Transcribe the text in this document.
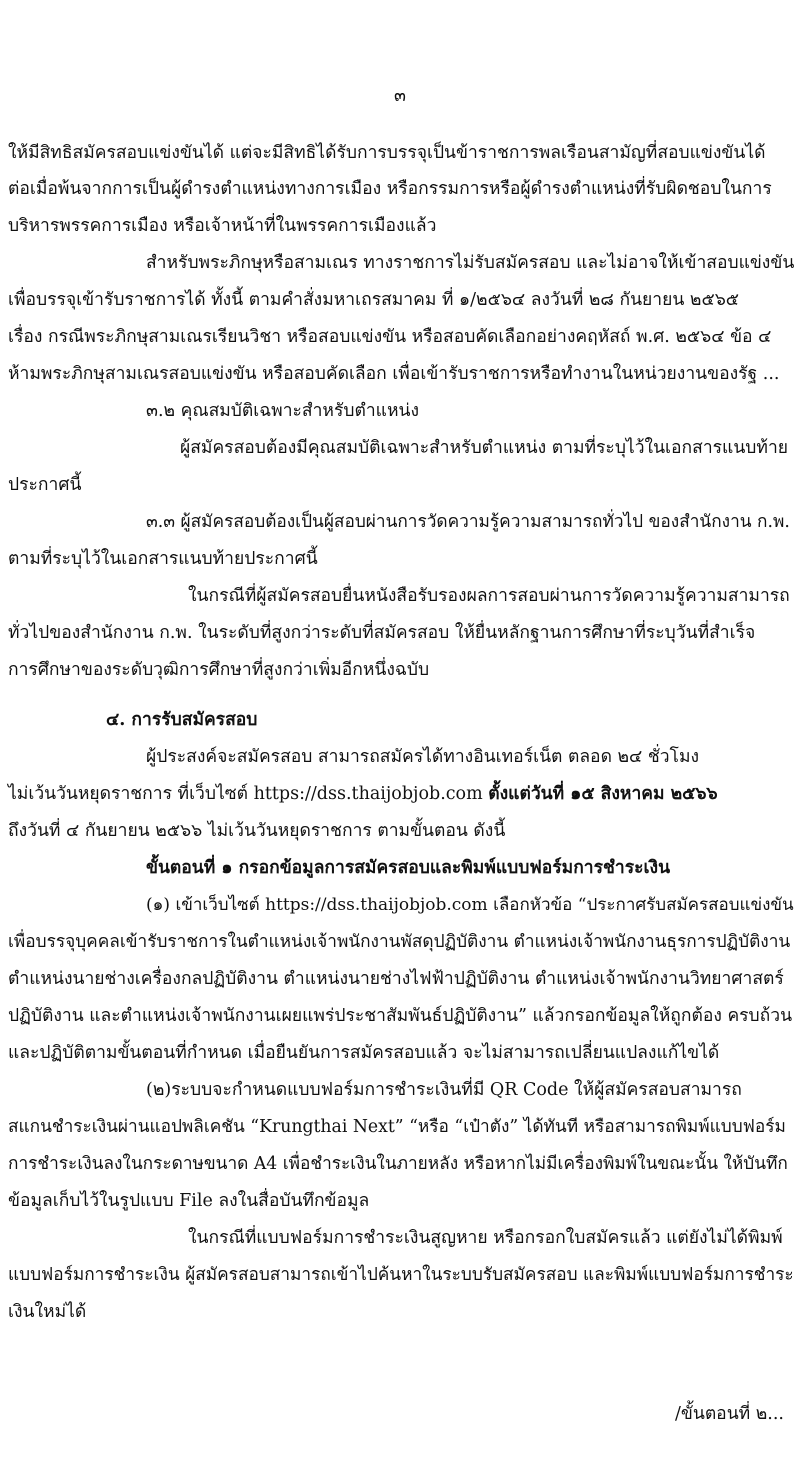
๓
ให้มีสิทธิสมัครสอบแข่งขันได้ แต่จะมีสิทธิได้รับการบรรจุเป็นข้าราชการพลเรือนสามัญที่สอบแข่งขันได้
ต่อเมื่อพ้นจากการเป็นผู้ดำรงตำแหน่งทางการเมือง หรือกรรมการหรือผู้ดำรงตำแหน่งที่รับผิดชอบในการ
บริหารพรรคการเมือง หรือเจ้าหน้าที่ในพรรคการเมืองแล้ว
สำหรับพระภิกษุหรือสามเณร ทางราชการไม่รับสมัครสอบ และไม่อาจให้เข้าสอบแข่งขัน
เพื่อบรรจุเข้ารับราชการได้ ทั้งนี้ ตามคำสั่งมหาเถรสมาคม ที่ ๑/๒๕๖๔ ลงวันที่ ๒๘ กันยายน ๒๕๖๕
เรื่อง กรณีพระภิกษุสามเณรเรียนวิชา หรือสอบแข่งขัน หรือสอบคัดเลือกอย่างคฤหัสถ์ พ.ศ. ๒๕๖๔ ข้อ ๔
ห้ามพระภิกษุสามเณรสอบแข่งขัน หรือสอบคัดเลือก เพื่อเข้ารับราชการหรือทำงานในหน่วยงานของรัฐ ...
๓.๒ คุณสมบัติเฉพาะสำหรับตำแหน่ง
ผู้สมัครสอบต้องมีคุณสมบัติเฉพาะสำหรับตำแหน่ง ตามที่ระบุไว้ในเอกสารแนบท้าย
ประกาศนี้
๓.๓ ผู้สมัครสอบต้องเป็นผู้สอบผ่านการวัดความรู้ความสามารถทั่วไป ของสำนักงาน ก.พ.
ตามที่ระบุไว้ในเอกสารแนบท้ายประกาศนี้
ในกรณีที่ผู้สมัครสอบยื่นหนังสือรับรองผลการสอบผ่านการวัดความรู้ความสามารถ
ทั่วไปของสำนักงาน ก.พ. ในระดับที่สูงกว่าระดับที่สมัครสอบ ให้ยื่นหลักฐานการศึกษาที่ระบุวันที่สำเร็จ
การศึกษาของระดับวุฒิการศึกษาที่สูงกว่าเพิ่มอีกหนึ่งฉบับ
๔. การรับสมัครสอบ
ผู้ประสงค์จะสมัครสอบ สามารถสมัครได้ทางอินเทอร์เน็ต ตลอด ๒๔ ชั่วโมง
ไม่เว้นวันหยุดราชการ ที่เว็บไซต์ https://dss.thaijobjob.com ตั้งแต่วันที่ ๑๕ สิงหาคม ๒๕๖๖
ถึงวันที่ ๔ กันยายน ๒๕๖๖ ไม่เว้นวันหยุดราชการ ตามขั้นตอน ดังนี้
ขั้นตอนที่ ๑ กรอกข้อมูลการสมัครสอบและพิมพ์แบบฟอร์มการชำระเงิน
(๑) เข้าเว็บไซต์ https://dss.thaijobjob.com เลือกหัวข้อ “ประกาศรับสมัครสอบแข่งขัน
เพื่อบรรจุบุคคลเข้ารับราชการในตำแหน่งเจ้าพนักงานพัสดุปฏิบัติงาน ตำแหน่งเจ้าพนักงานธุรการปฏิบัติงาน
ตำแหน่งนายช่างเครื่องกลปฏิบัติงาน ตำแหน่งนายช่างไฟฟ้าปฏิบัติงาน ตำแหน่งเจ้าพนักงานวิทยาศาสตร์
ปฏิบัติงาน และตำแหน่งเจ้าพนักงานเผยแพร่ประชาสัมพันธ์ปฏิบัติงาน” แล้วกรอกข้อมูลให้ถูกต้อง ครบถ้วน
และปฏิบัติตามขั้นตอนที่กำหนด เมื่อยืนยันการสมัครสอบแล้ว จะไม่สามารถเปลี่ยนแปลงแก้ไขได้
(๒)ระบบจะกำหนดแบบฟอร์มการชำระเงินที่มี QR Code ให้ผู้สมัครสอบสามารถ
สแกนชำระเงินผ่านแอปพลิเคชัน “Krungthai Next” “หรือ “เป๋าตัง” ได้ทันที หรือสามารถพิมพ์แบบฟอร์ม
การชำระเงินลงในกระดาษขนาด A4 เพื่อชำระเงินในภายหลัง หรือหากไม่มีเครื่องพิมพ์ในขณะนั้น ให้บันทึก
ข้อมูลเก็บไว้ในรูปแบบ File ลงในสื่อบันทึกข้อมูล
ในกรณีที่แบบฟอร์มการชำระเงินสูญหาย หรือกรอกใบสมัครแล้ว แต่ยังไม่ได้พิมพ์
แบบฟอร์มการชำระเงิน ผู้สมัครสอบสามารถเข้าไปค้นหาในระบบรับสมัครสอบ และพิมพ์แบบฟอร์มการชำระ
เงินใหม่ได้
/ขั้นตอนที่ ๒...
